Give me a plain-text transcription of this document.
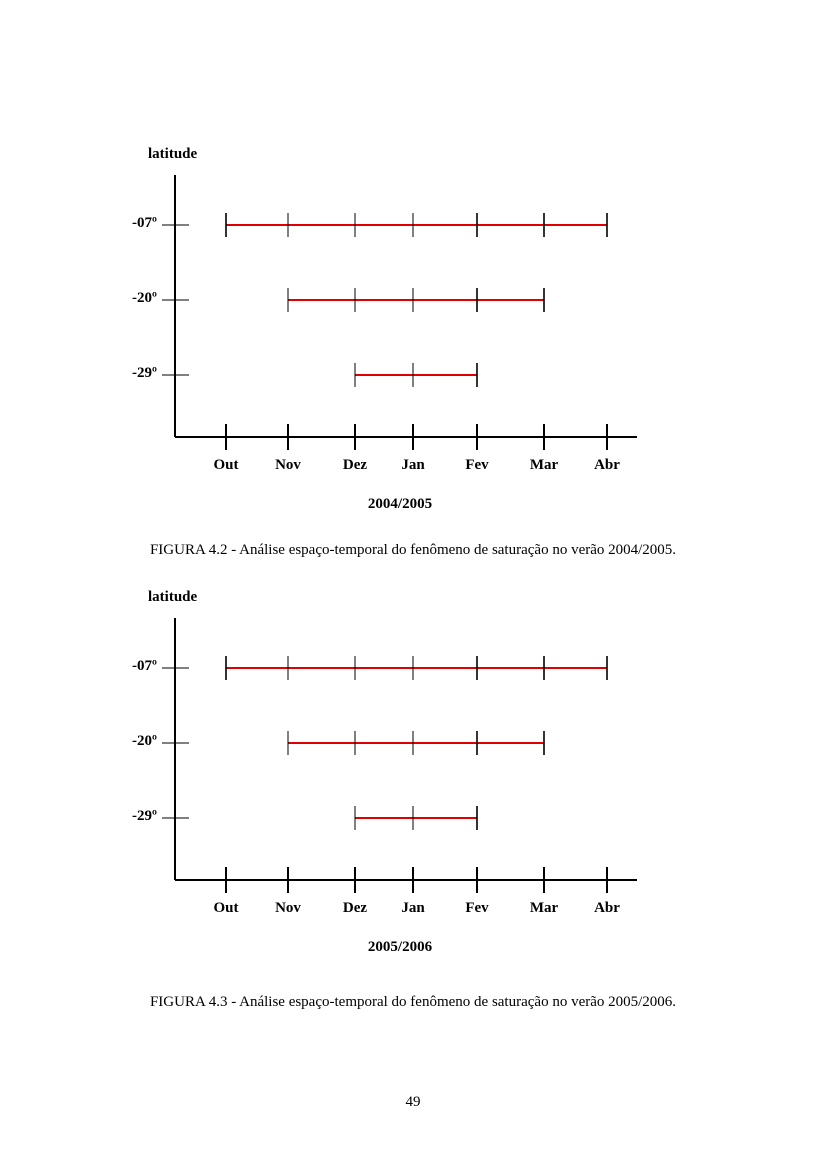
latitude
-07º
-20º
-29º
Out Nov	Dez Jan	Fev	Mar Abr
2004/2005
FIGURA 4.2 - Análise espaço-temporal do fenômeno de saturação no verão 2004/2005.
latitude
-07º
-20º
-29º
Out Nov	Dez Jan	Fev	Mar Abr
2005/2006
FIGURA 4.3 - Análise espaço-temporal do fenômeno de saturação no verão 2005/2006.
49
